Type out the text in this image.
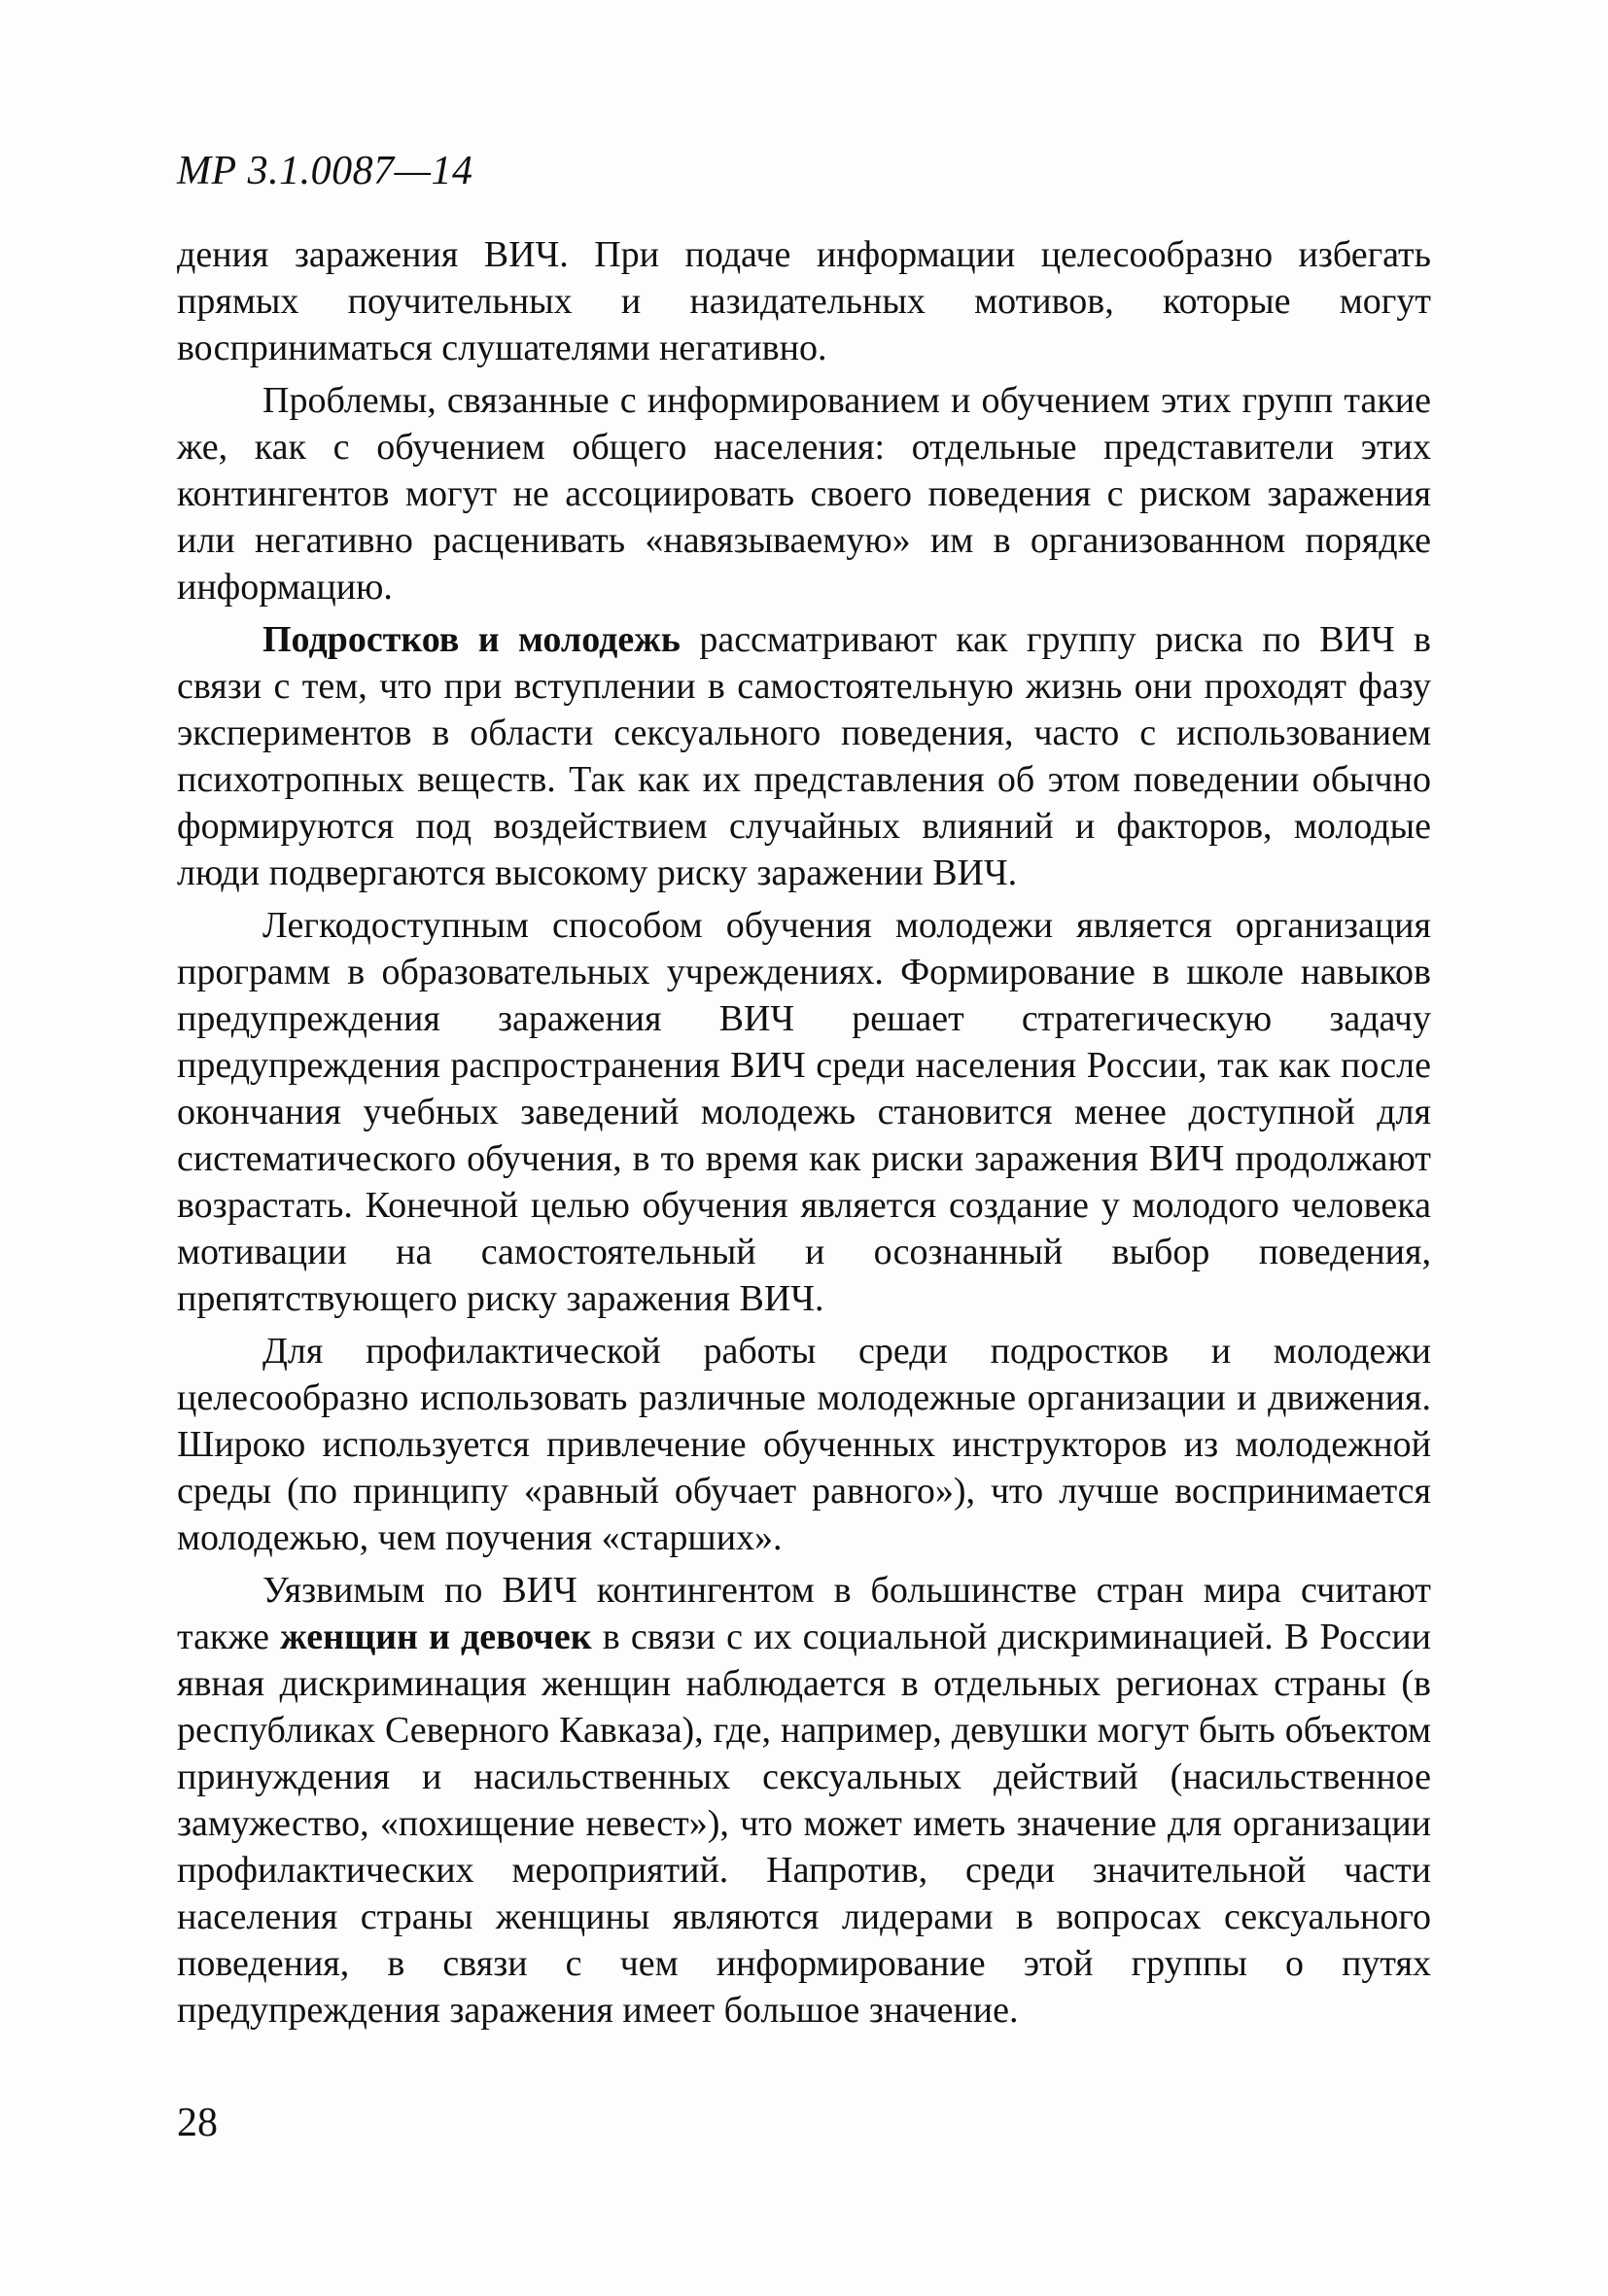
МР 3.1.0087—14

дения заражения ВИЧ. При подаче информации целесообразно избегать прямых поучительных и назидательных мотивов, которые могут восприниматься слушателями негативно.

Проблемы, связанные с информированием и обучением этих групп такие же, как с обучением общего населения: отдельные представители этих контингентов могут не ассоциировать своего поведения с риском заражения или негативно расценивать «навязываемую» им в организованном порядке информацию.

Подростков и молодежь рассматривают как группу риска по ВИЧ в связи с тем, что при вступлении в самостоятельную жизнь они проходят фазу экспериментов в области сексуального поведения, часто с использованием психотропных веществ. Так как их представления об этом поведении обычно формируются под воздействием случайных влияний и факторов, молодые люди подвергаются высокому риску заражении ВИЧ.

Легкодоступным способом обучения молодежи является организация программ в образовательных учреждениях. Формирование в школе навыков предупреждения заражения ВИЧ решает стратегическую задачу предупреждения распространения ВИЧ среди населения России, так как после окончания учебных заведений молодежь становится менее доступной для систематического обучения, в то время как риски заражения ВИЧ продолжают возрастать. Конечной целью обучения является создание у молодого человека мотивации на самостоятельный и осознанный выбор поведения, препятствующего риску заражения ВИЧ.

Для профилактической работы среди подростков и молодежи целесообразно использовать различные молодежные организации и движения. Широко используется привлечение обученных инструкторов из молодежной среды (по принципу «равный обучает равного»), что лучше воспринимается молодежью, чем поучения «старших».

Уязвимым по ВИЧ контингентом в большинстве стран мира считают также женщин и девочек в связи с их социальной дискриминацией. В России явная дискриминация женщин наблюдается в отдельных регионах страны (в республиках Северного Кавказа), где, например, девушки могут быть объектом принуждения и насильственных сексуальных действий (насильственное замужество, «похищение невест»), что может иметь значение для организации профилактических мероприятий. Напротив, среди значительной части населения страны женщины являются лидерами в вопросах сексуального поведения, в связи с чем информирование этой группы о путях предупреждения заражения имеет большое значение.

28
